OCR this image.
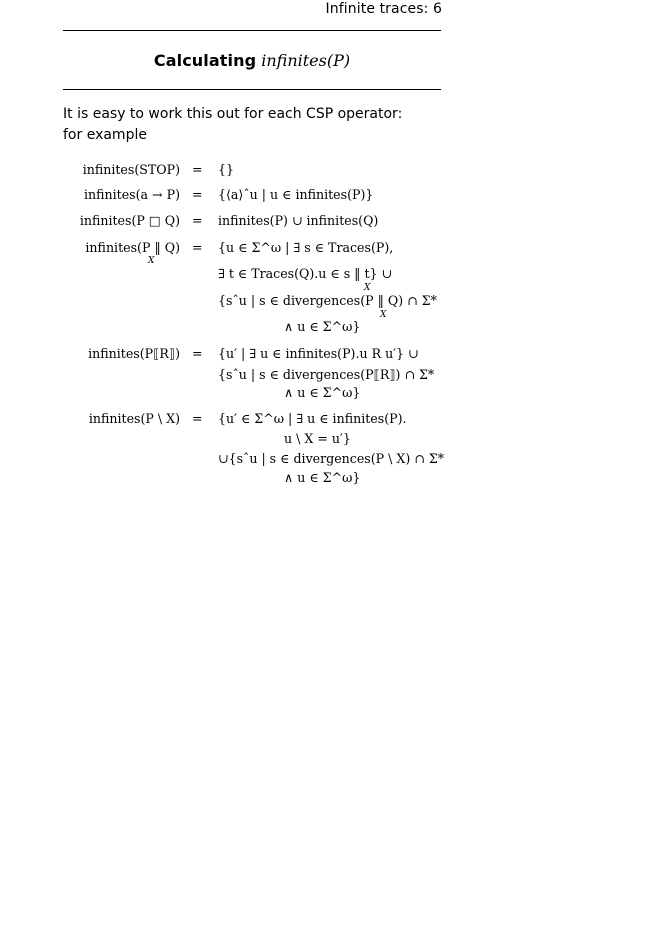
Infinite traces: 6
Calculating infinites(P)
It is easy to work this out for each CSP operator: for example
infinites(STOP) = {}
infinites(a → P) = {⟨a⟩ˆu | u ∈ infinites(P)}
infinites(P □ Q) = infinites(P) ∪ infinites(Q)
infinites(P ‖ Q)
X
= {u ∈ Σ^ω | ∃ s ∈ Traces(P),
∃ t ∈ Traces(Q).u ∈ s ‖ t} ∪
X
{sˆu | s ∈ divergences(P ‖ Q) ∩ Σ*
X
∧ u ∈ Σ^ω}
infinites(P⟦R⟧) = {u′ | ∃ u ∈ infinites(P).u R u′} ∪
{sˆu | s ∈ divergences(P⟦R⟧) ∩ Σ*
∧ u ∈ Σ^ω}
infinites(P \ X) = {u′ ∈ Σ^ω | ∃ u ∈ infinites(P).
u \ X = u′}
∪{sˆu | s ∈ divergences(P \ X) ∩ Σ*
∧ u ∈ Σ^ω}
